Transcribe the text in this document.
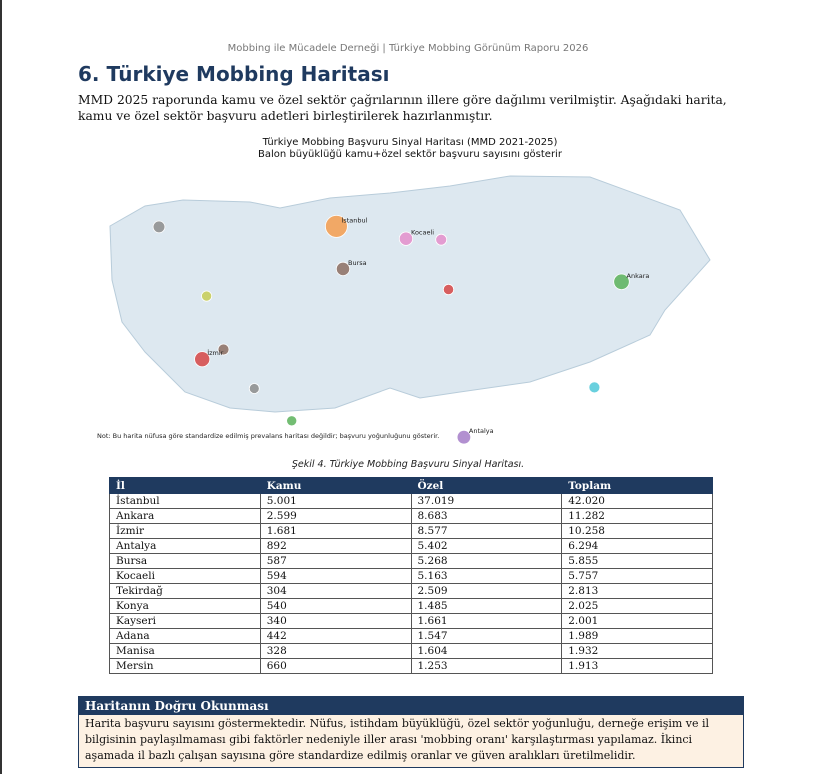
Mobbing ile Mücadele Derneği | Türkiye Mobbing Görünüm Raporu 2026
6. Türkiye Mobbing Haritası

MMD 2025 raporunda kamu ve özel sektör çağrılarının illere göre dağılımı verilmiştir. Aşağıdaki harita, kamu ve özel sektör başvuru adetleri birleştirilerek hazırlanmıştır.

Türkiye Mobbing Başvuru Sinyal Haritası (MMD 2021-2025)
Balon büyüklüğü kamu+özel sektör başvuru sayısını gösterir
İstanbul
Kocaeli
Bursa
Ankara
İzmir
Antalya
Not: Bu harita nüfusa göre standardize edilmiş prevalans haritası değildir; başvuru yoğunluğunu gösterir.
Şekil 4. Türkiye Mobbing Başvuru Sinyal Haritası.
İl	Kamu	Özel	Toplam
İstanbul	5.001	37.019	42.020
Ankara	2.599	8.683	11.282
İzmir	1.681	8.577	10.258
Antalya	892	5.402	6.294
Bursa	587	5.268	5.855
Kocaeli	594	5.163	5.757
Tekirdağ	304	2.509	2.813
Konya	540	1.485	2.025
Kayseri	340	1.661	2.001
Adana	442	1.547	1.989
Manisa	328	1.604	1.932
Mersin	660	1.253	1.913
Haritanın Doğru Okunması
Harita başvuru sayısını göstermektedir. Nüfus, istihdam büyüklüğü, özel sektör yoğunluğu, derneğe erişim ve il bilgisinin paylaşılmaması gibi faktörler nedeniyle iller arası 'mobbing oranı' karşılaştırması yapılamaz. İkinci aşamada il bazlı çalışan sayısına göre standardize edilmiş oranlar ve güven aralıkları üretilmelidir.
